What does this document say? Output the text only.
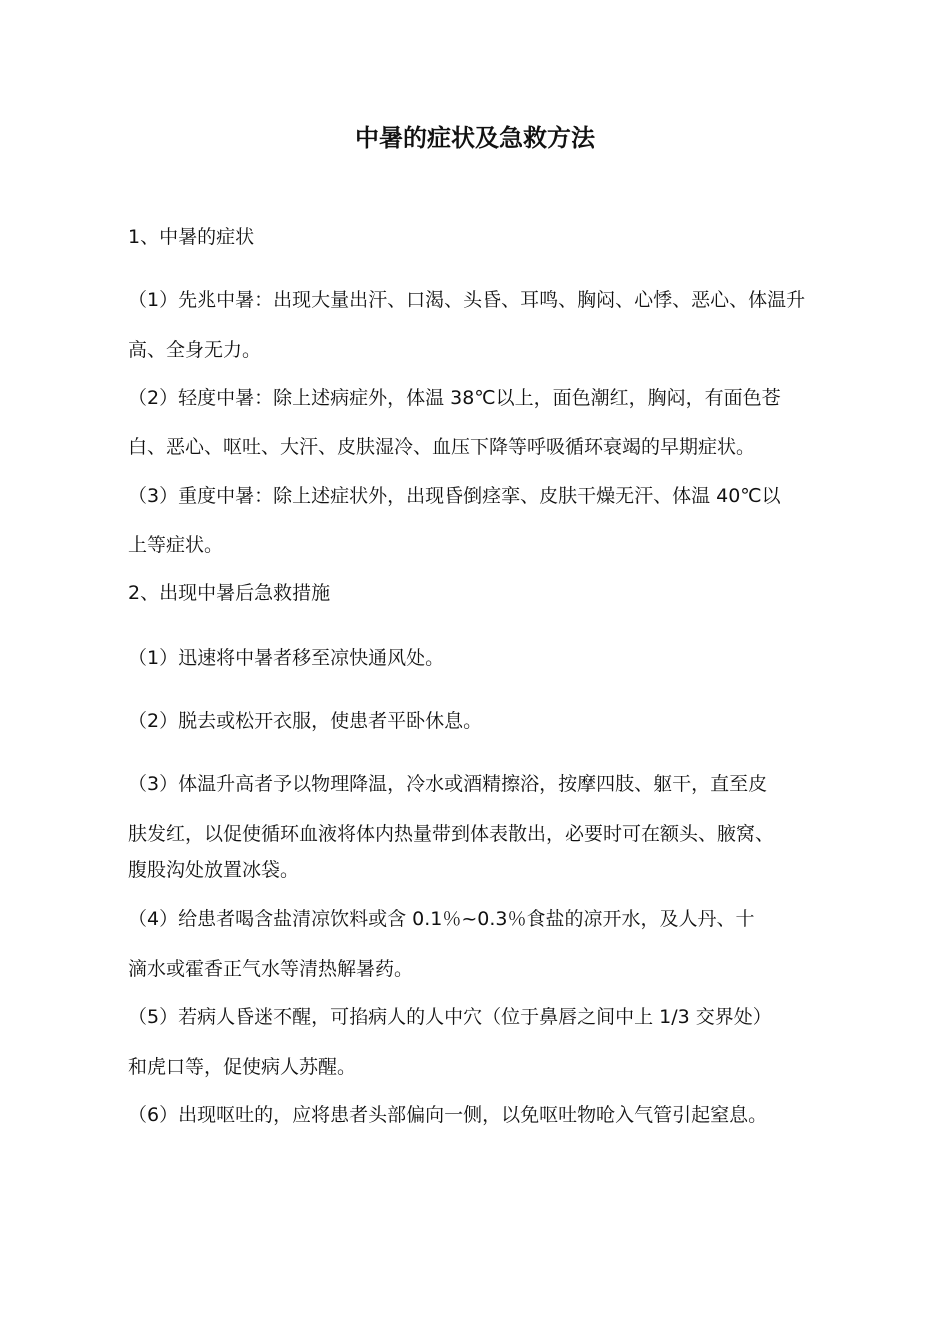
中暑的症状及急救方法
1、中暑的症状
（1）先兆中暑：出现大量出汗、口渴、头昏、耳鸣、胸闷、心悸、恶心、体温升
高、全身无力。
（2）轻度中暑：除上述病症外，体温 38℃以上，面色潮红，胸闷，有面色苍
白、恶心、呕吐、大汗、皮肤湿冷、血压下降等呼吸循环衰竭的早期症状。
（3）重度中暑：除上述症状外，出现昏倒痉挛、皮肤干燥无汗、体温 40℃以
上等症状。
2、出现中暑后急救措施
（1）迅速将中暑者移至凉快通风处。
（2）脱去或松开衣服，使患者平卧休息。
（3）体温升高者予以物理降温，冷水或酒精擦浴，按摩四肢、躯干，直至皮
肤发红，以促使循环血液将体内热量带到体表散出，必要时可在额头、腋窝、
腹股沟处放置冰袋。
（4）给患者喝含盐清凉饮料或含 0.1％~0.3％食盐的凉开水，及人丹、十
滴水或霍香正气水等清热解暑药。
（5）若病人昏迷不醒，可掐病人的人中穴（位于鼻唇之间中上 1/3 交界处）
和虎口等，促使病人苏醒。
（6）出现呕吐的，应将患者头部偏向一侧，以免呕吐物呛入气管引起窒息。
